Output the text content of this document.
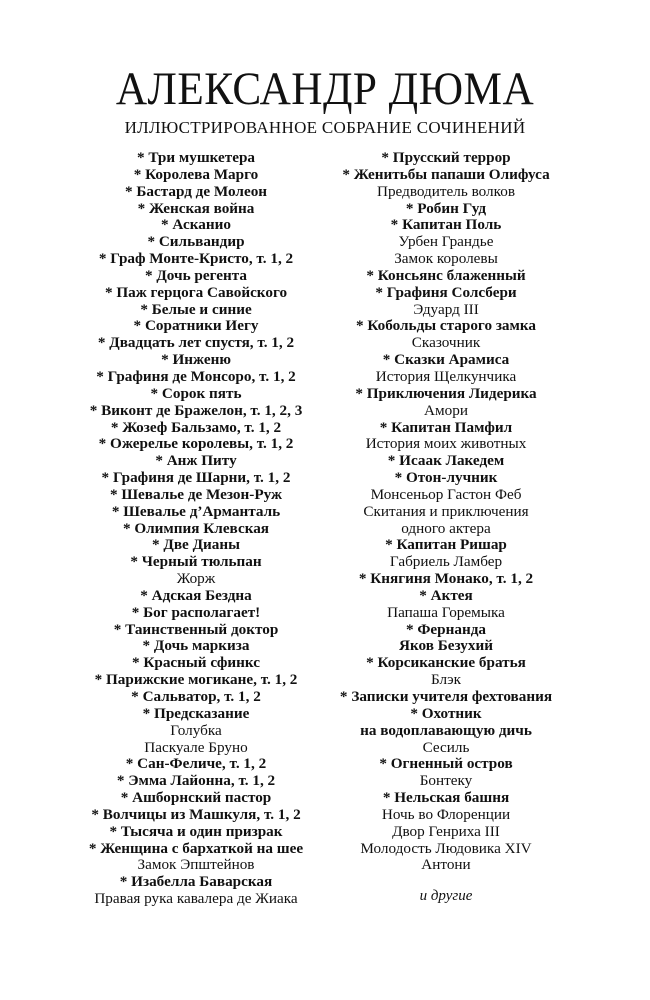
АЛЕКСАНДР ДЮМА
ИЛЛЮСТРИРОВАННОЕ СОБРАНИЕ СОЧИНЕНИЙ
* Три мушкетера
* Королева Марго
* Бастард де Молеон
* Женская война
* Асканио
* Сильвандир
* Граф Монте-Кристо, т. 1, 2
* Дочь регента
* Паж герцога Савойского
* Белые и синие
* Соратники Иегу
* Двадцать лет спустя, т. 1, 2
* Инженю
* Графиня де Монсоро, т. 1, 2
* Сорок пять
* Виконт де Бражелон, т. 1, 2, 3
* Жозеф Бальзамо, т. 1, 2
* Ожерелье королевы, т. 1, 2
* Анж Питу
* Графиня де Шарни, т. 1, 2
* Шевалье де Мезон-Руж
* Шевалье д’Арманталь
* Олимпия Клевская
* Две Дианы
* Черный тюльпан
Жорж
* Адская Бездна
* Бог располагает!
* Таинственный доктор
* Дочь маркиза
* Красный сфинкс
* Парижские могикане, т. 1, 2
* Сальватор, т. 1, 2
* Предсказание
Голубка
Паскуале Бруно
* Сан-Феличе, т. 1, 2
* Эмма Лайонна, т. 1, 2
* Ашборнский пастор
* Волчицы из Машкуля, т. 1, 2
* Тысяча и один призрак
* Женщина с бархаткой на шее
Замок Эпштейнов
* Изабелла Баварская
Правая рука кавалера де Жиака
* Прусский террор
* Женитьбы папаши Олифуса
Предводитель волков
* Робин Гуд
* Капитан Поль
Урбен Грандье
Замок королевы
* Консьянс блаженный
* Графиня Солсбери
Эдуард III
* Кобольды старого замка
Сказочник
* Сказки Арамиса
История Щелкунчика
* Приключения Лидерика
Амори
* Капитан Памфил
История моих животных
* Исаак Лакедем
* Отон-лучник
Монсеньор Гастон Феб
Скитания и приключения
одного актера
* Капитан Ришар
Габриель Ламбер
* Княгиня Монако, т. 1, 2
* Актея
Папаша Горемыка
* Фернанда
Яков Безухий
* Корсиканские братья
Блэк
* Записки учителя фехтования
* Охотник
на водоплавающую дичь
Сесиль
* Огненный остров
Бонтеку
* Нельская башня
Ночь во Флоренции
Двор Генриха III
Молодость Людовика XIV
Антони
и другие
